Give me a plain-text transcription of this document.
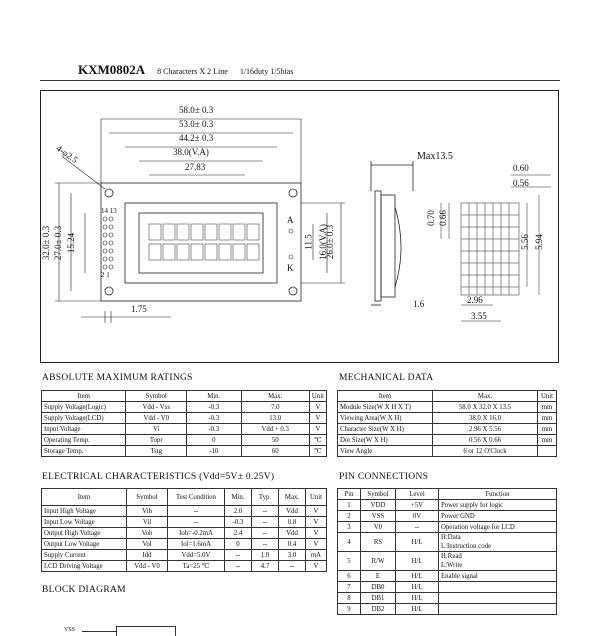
KXM0802A 8 Characters X 2 Line 1/16duty 1/5bias
58.0± 0.3
53.0± 0.3
44.2± 0.3
38.0(V.A)
27.83
1.75
4-φ2.5
32.0± 0.3 27.0± 0.3 15.24	11.5 16.0(V.A)
26.0± 0.3
14 13
2 1
A
K
Max13.5
1.6
0.60
0.56
0.70 0.66
5.56 5.94
2.96
3.55
ABSOLUTE MAXIMUM RATINGS
Item	Symbol	Min.	Max.	Unit
Supply Voltage(Logic)	Vdd - Vss	-0.3	7.0	V
Supply Voltage(LCD)	Vdd - V0	-0.3	13.0	V
Input Voltage	Vi	-0.3	Vdd + 0.3	V
Operating Temp.	Topr	0	50	℃
Storage Temp.	Tstg	-10	60	℃
MECHANICAL DATA
Item	Max.	Unit
Module Size(W X H X T)	58.0 X 32.0 X 13.5	mm
Viewing Area(W X H)	38.0 X 16.0	mm
Character Size(W X H)	2.96 X 5.56	mm
Dot Size(W X H)	0.56 X 0.66	mm
View Angle	6 or 12 O'Clock	
ELECTRICAL CHARACTERISTICS (Vdd=5V± 0.25V)
Item	Symbol	Test Condition	Min.	Typ.	Max.	Unit
Input High Voltage	Vih	--	2.0	--	Vdd	V
Input Low Voltage	Vil	--	-0.3	--	0.8	V
Output High Voltage	Voh	Ioh=-0.2mA	2.4	--	Vdd	V
Output Low Voltage	Vol	Iol=1.6mA	0	--	0.4	V
Supply Current	Idd	Vdd=5.0V	--	1.0	3.0	mA
LCD Driving Voltage	Vdd - V0	Ta=25 ℃	--	4.7	--	V
PIN CONNECTIONS
Pin	Symbol	Level	Function
1	VDD	+5V	Power supply for logic
2	VSS	0V	Power GND
3	V0	--	Operation voltage for LCD
4	RS	H/L	H:Data
L:Instruction code
5	R/W	H/L	H:Read
L:Write
6	E	H/L	Enable signal
7	DB0	H/L	
8	DB1	H/L	
9	DB2	H/L	
BLOCK DIAGRAM
VSS
